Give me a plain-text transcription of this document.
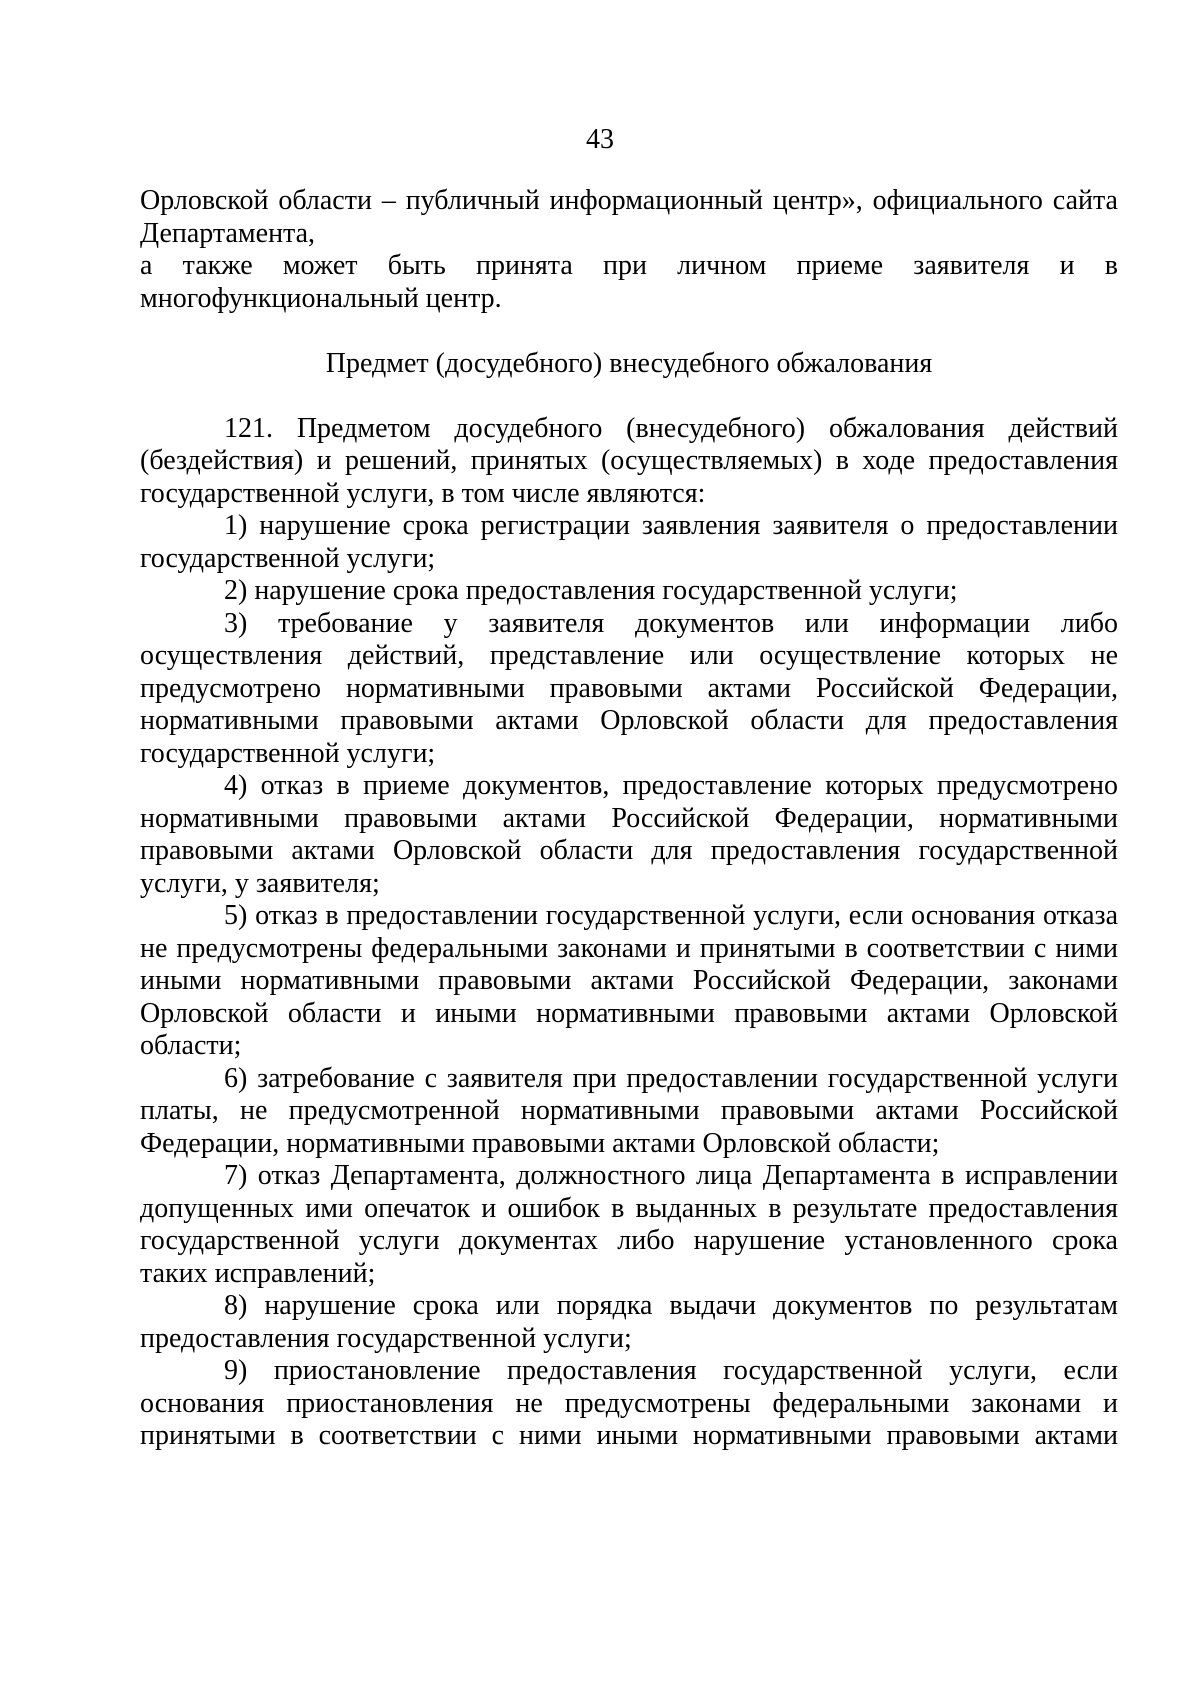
43

Орловской области – публичный информационный центр», официального сайта Департамента,

а также может быть принята при личном приеме заявителя и в многофункциональный центр.

Предмет (досудебного) внесудебного обжалования

121. Предметом досудебного (внесудебного) обжалования действий (бездействия) и решений, принятых (осуществляемых) в ходе предоставления государственной услуги, в том числе являются:

1) нарушение срока регистрации заявления заявителя о предоставлении государственной услуги;

2) нарушение срока предоставления государственной услуги;

3) требование у заявителя документов или информации либо осуществления действий, представление или осуществление которых не предусмотрено нормативными правовыми актами Российской Федерации, нормативными правовыми актами Орловской области для предоставления государственной услуги;

4) отказ в приеме документов, предоставление которых предусмотрено нормативными правовыми актами Российской Федерации, нормативными правовыми актами Орловской области для предоставления государственной услуги, у заявителя;

5) отказ в предоставлении государственной услуги, если основания отказа не предусмотрены федеральными законами и принятыми в соответствии с ними иными нормативными правовыми актами Российской Федерации, законами Орловской области и иными нормативными правовыми актами Орловской области;

6) затребование с заявителя при предоставлении государственной услуги платы, не предусмотренной нормативными правовыми актами Российской Федерации, нормативными правовыми актами Орловской области;

7) отказ Департамента, должностного лица Департамента в исправлении допущенных ими опечаток и ошибок в выданных в результате предоставления государственной услуги документах либо нарушение установленного срока таких исправлений;

8) нарушение срока или порядка выдачи документов по результатам предоставления государственной услуги;

9) приостановление предоставления государственной услуги, если основания приостановления не предусмотрены федеральными законами и принятыми в соответствии с ними иными нормативными правовыми актами
